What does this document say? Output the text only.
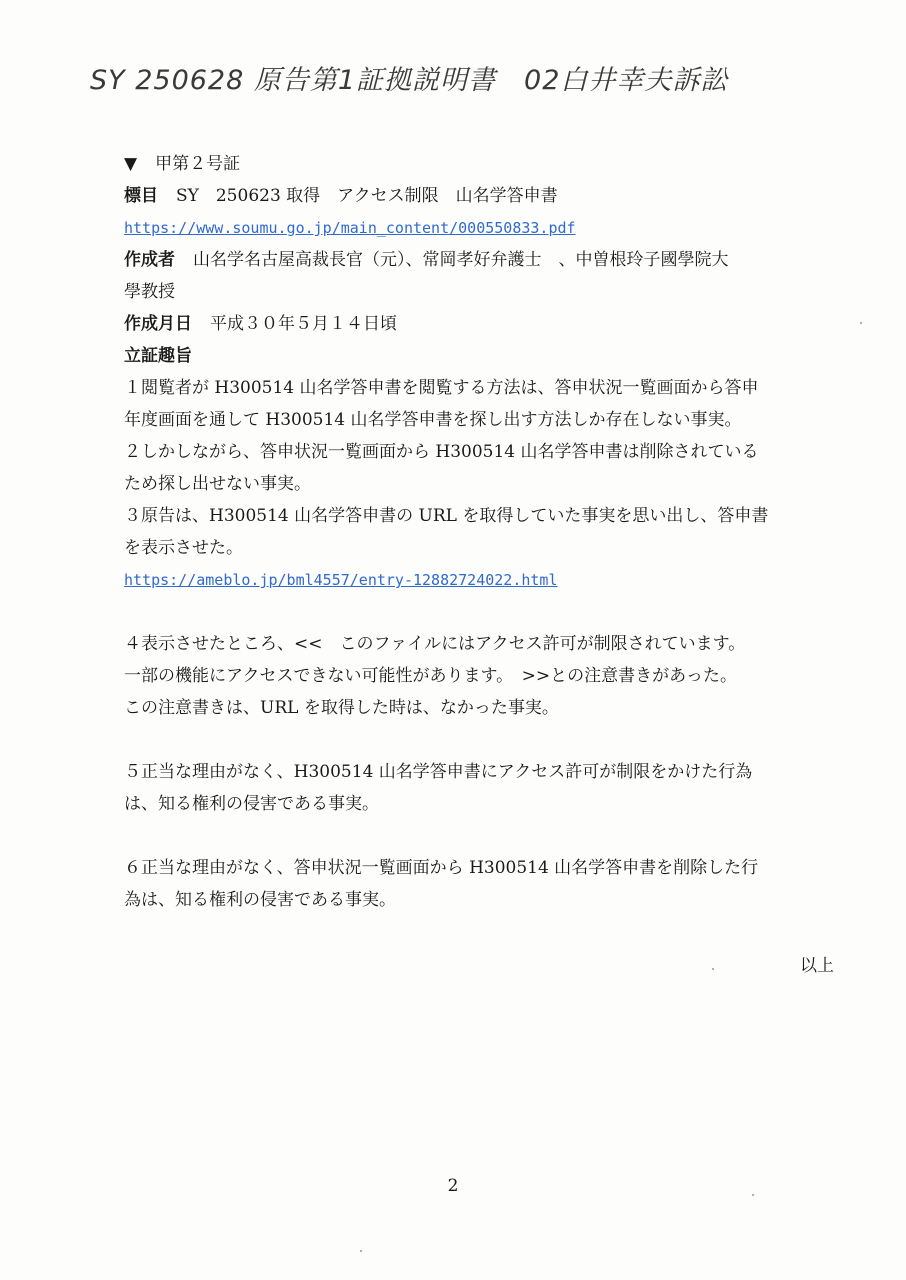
SY 250628 原告第1証拠説明書　02白井幸夫訴訟

▼ 甲第２号証

標目 SY　250623 取得　アクセス制限　山名学答申書

https://www.soumu.go.jp/main_content/000550833.pdf

作成者 山名学名古屋高裁長官（元）、常岡孝好弁護士　、中曽根玲子國學院大

學教授

作成月日 平成３０年５月１４日頃

立証趣旨

１閲覧者が H300514 山名学答申書を閲覧する方法は、答申状況一覧画面から答申

年度画面を通して H300514 山名学答申書を探し出す方法しか存在しない事実。

２しかしながら、答申状況一覧画面から H300514 山名学答申書は削除されている

ため探し出せない事実。

３原告は、H300514 山名学答申書の URL を取得していた事実を思い出し、答申書

を表示させた。

https://ameblo.jp/bml4557/entry-12882724022.html

４表示させたところ、<<　このファイルにはアクセス許可が制限されています。

一部の機能にアクセスできない可能性があります。　>>との注意書きがあった。

この注意書きは、URL を取得した時は、なかった事実。

５正当な理由がなく、H300514 山名学答申書にアクセス許可が制限をかけた行為

は、知る権利の侵害である事実。

６正当な理由がなく、答申状況一覧画面から H300514 山名学答申書を削除した行

為は、知る権利の侵害である事実。

以上
2
